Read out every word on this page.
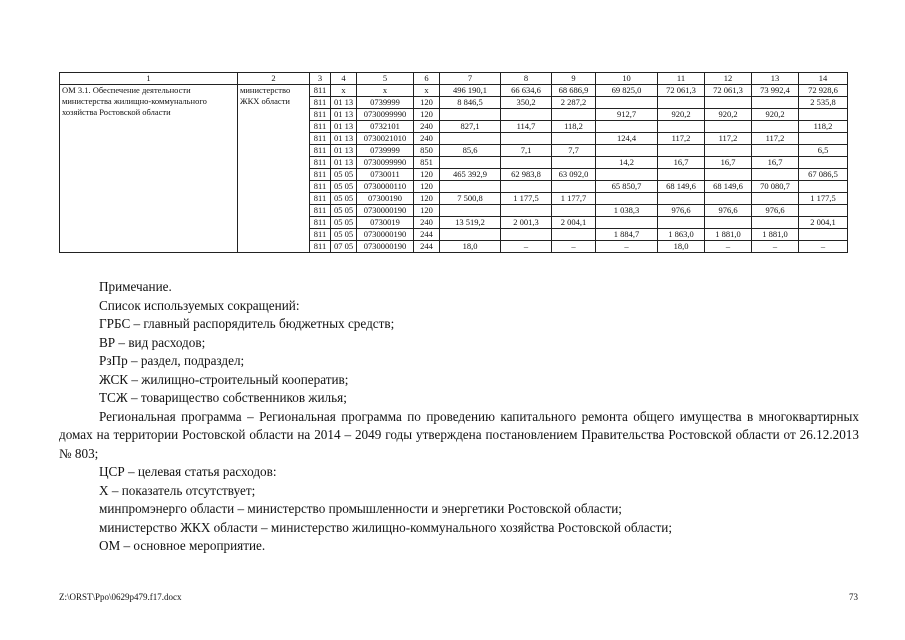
1	2	3	4	5	6	7	8	9	10	11	12	13	14
ОМ 3.1. Обеспечение деятельности министерства жилищно-коммунального хозяйства Ростовской области	министерство ЖКХ области	811	x	x	x	496 190,1	66 634,6	68 686,9	69 825,0	72 061,3	72 061,3	73 992,4	72 928,6
		811	01 13	0739999	120	8 846,5	350,2	2 287,2					2 535,8
		811	01 13	0730099990	120				912,7	920,2	920,2	920,2	
		811	01 13	0732101	240	827,1	114,7	118,2					118,2
		811	01 13	0730021010	240				124,4	117,2	117,2	117,2	
		811	01 13	0739999	850	85,6	7,1	7,7					6,5
		811	01 13	0730099990	851				14,2	16,7	16,7	16,7	
		811	05 05	0730011	120	465 392,9	62 983,8	63 092,0					67 086,5
		811	05 05	0730000110	120				65 850,7	68 149,6	68 149,6	70 080,7	
		811	05 05	07300190	120	7 500,8	1 177,5	1 177,7					1 177,5
		811	05 05	0730000190	120				1 038,3	976,6	976,6	976,6	
		811	05 05	0730019	240	13 519,2	2 001,3	2 004,1					2 004,1
		811	05 05	0730000190	244				1 884,7	1 863,0	1 881,0	1 881,0	
		811	07 05	0730000190	244	18,0	–	–	–	18,0	–	–	–

Примечание.

Список используемых сокращений:

ГРБС – главный распорядитель бюджетных средств;

ВР – вид расходов;

РзПр – раздел, подраздел;

ЖСК – жилищно-строительный кооператив;

ТСЖ – товарищество собственников жилья;

Региональная программа – Региональная программа по проведению капитального ремонта общего имущества в многоквартирных домах на территории Ростовской области на 2014 – 2049 годы утверждена постановлением Правительства Ростовской области от 26.12.2013 № 803;

ЦСР – целевая статья расходов:

Х – показатель отсутствует;

минпромэнерго области – министерство промышленности и энергетики Ростовской области;

министерство ЖКХ области – министерство жилищно-коммунального хозяйства Ростовской области;

ОМ – основное мероприятие.

Z:\ORST\Ppo\0629p479.f17.docx	73
